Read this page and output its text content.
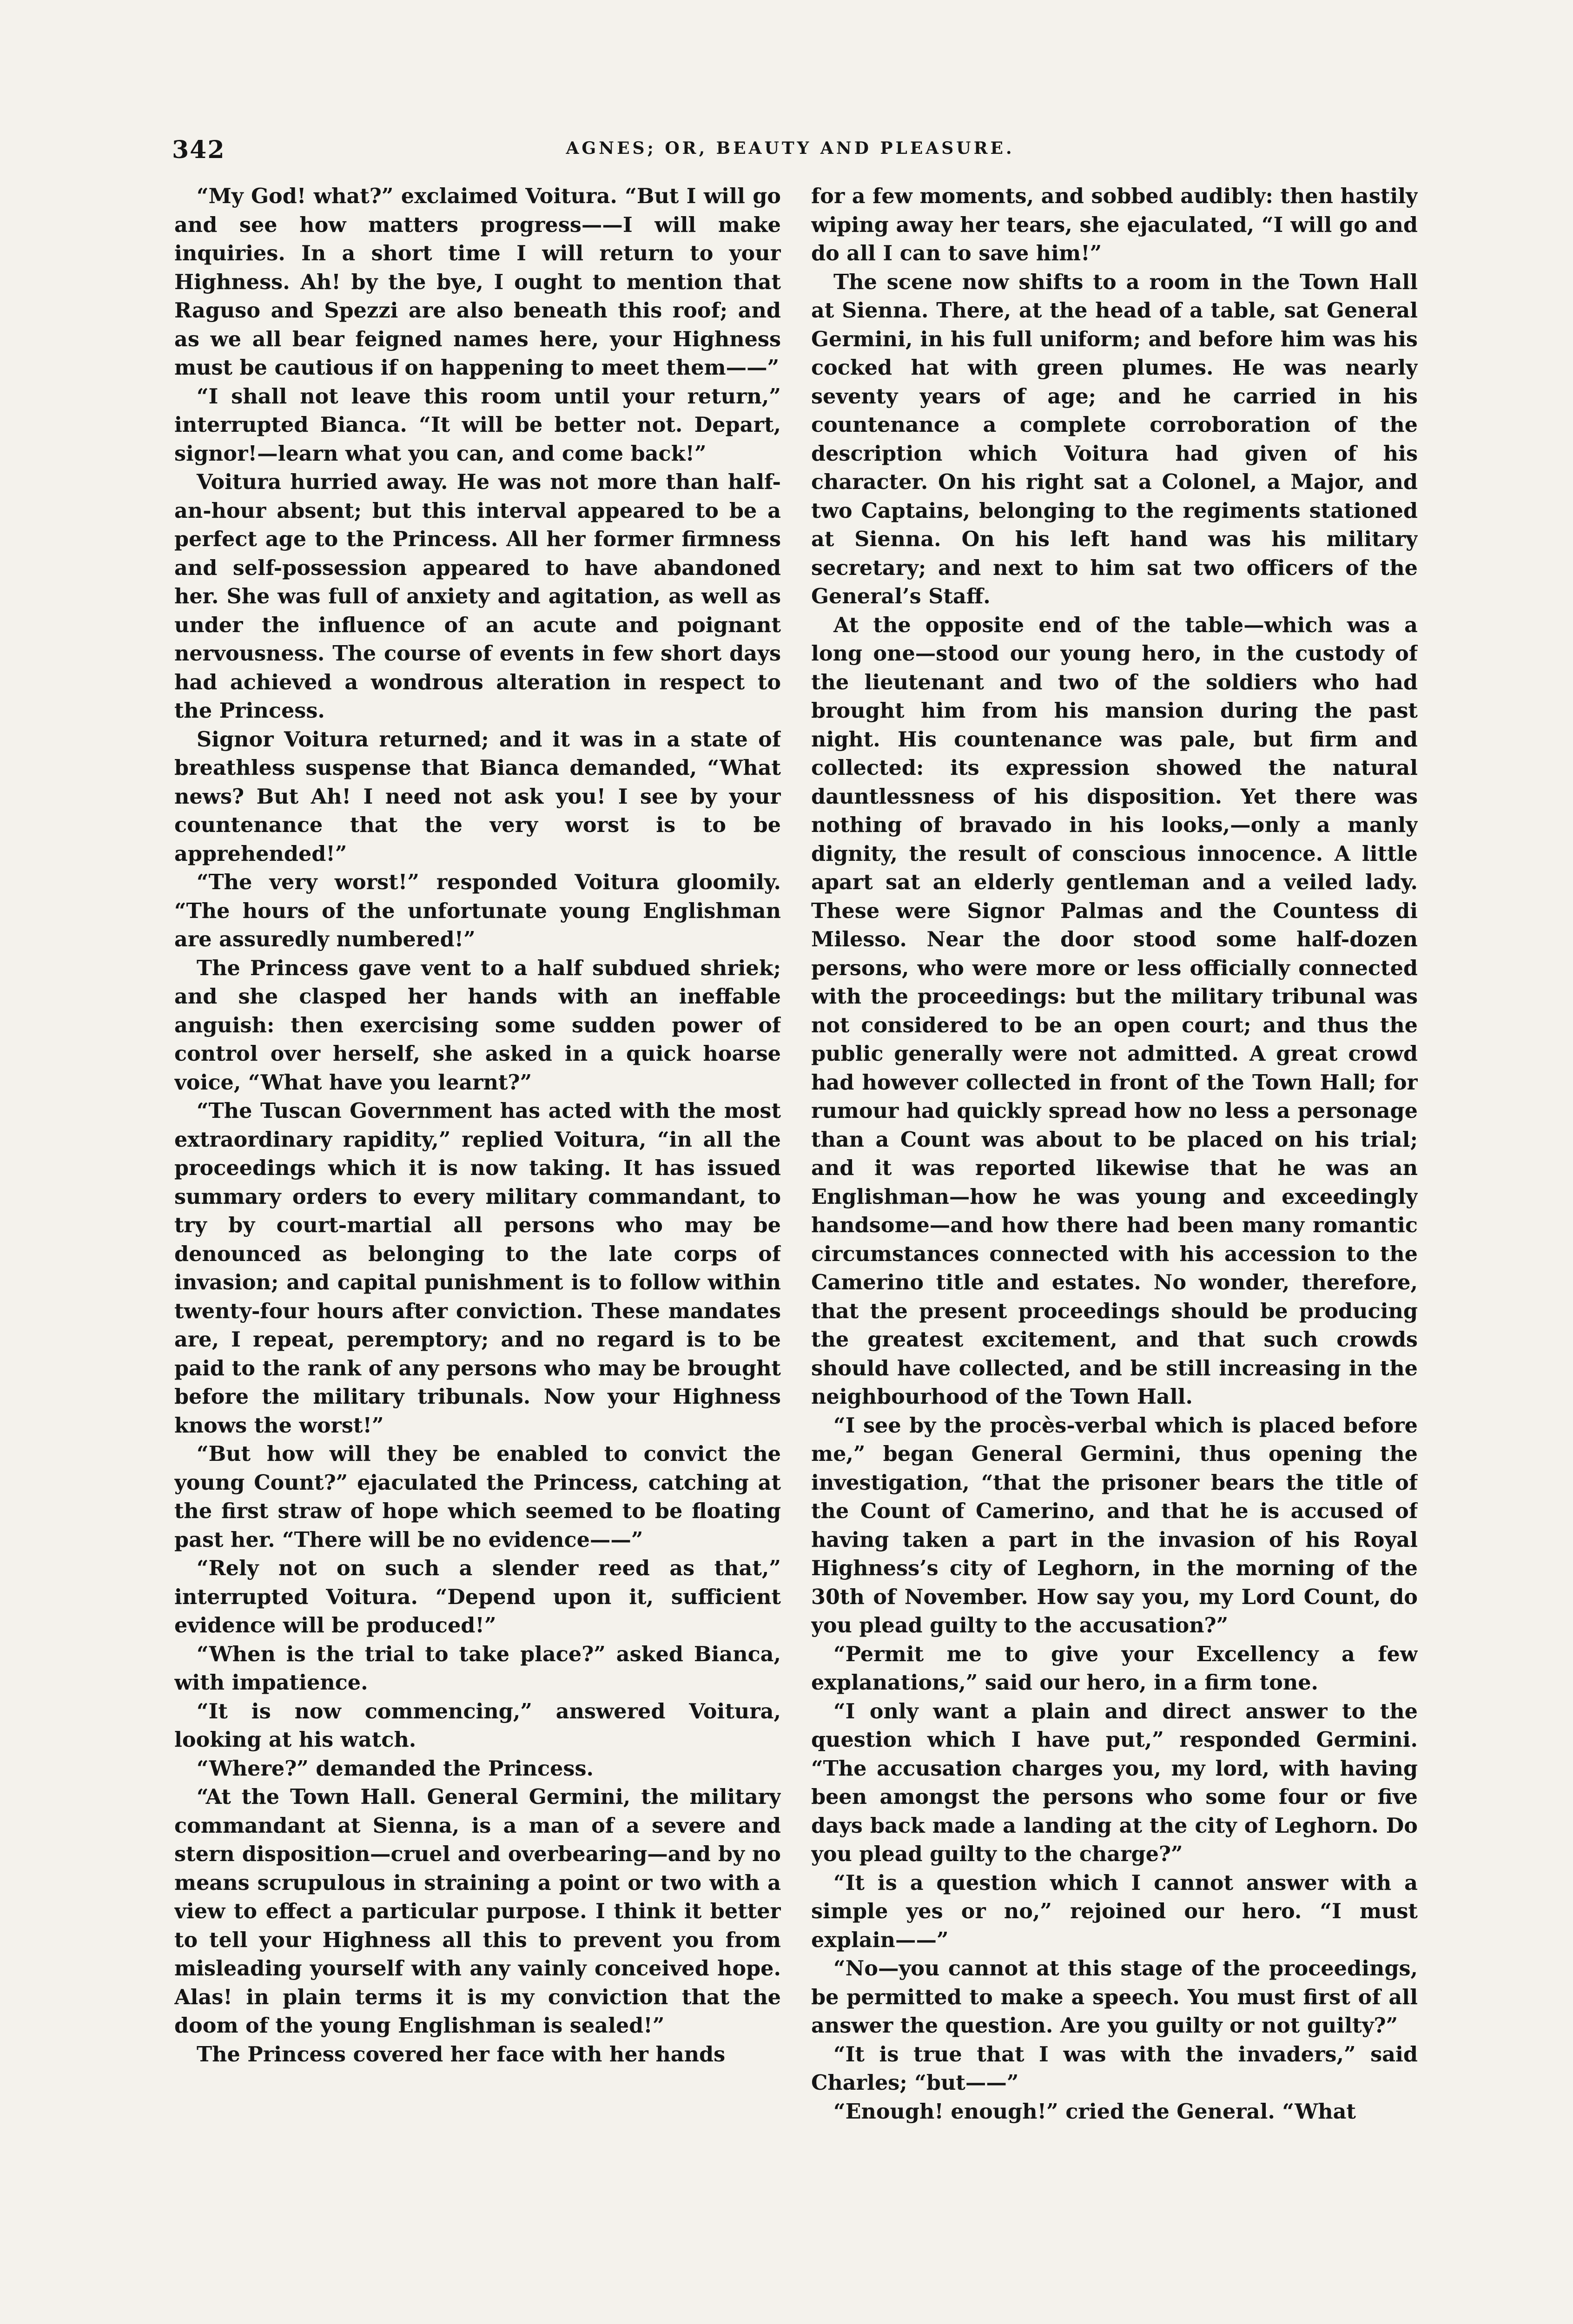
342	AGNES; OR, BEAUTY AND PLEASURE.

“My God! what?” exclaimed Voitura. “But I will go and see how matters progress——I will make inquiries. In a short time I will return to your Highness. Ah! by the bye, I ought to mention that Raguso and Spezzi are also beneath this roof; and as we all bear feigned names here, your Highness must be cautious if on happening to meet them——”

“I shall not leave this room until your return,” interrupted Bianca. “It will be better not. Depart, signor!—learn what you can, and come back!”

Voitura hurried away. He was not more than half-an-hour absent; but this interval appeared to be a perfect age to the Princess. All her former firmness and self-possession appeared to have abandoned her. She was full of anxiety and agitation, as well as under the influence of an acute and poignant nervousness. The course of events in few short days had achieved a wondrous alteration in respect to the Princess.

Signor Voitura returned; and it was in a state of breathless suspense that Bianca demanded, “What news? But Ah! I need not ask you! I see by your countenance that the very worst is to be apprehended!”

“The very worst!” responded Voitura gloomily. “The hours of the unfortunate young Englishman are assuredly numbered!”

The Princess gave vent to a half subdued shriek; and she clasped her hands with an ineffable anguish: then exercising some sudden power of control over herself, she asked in a quick hoarse voice, “What have you learnt?”

“The Tuscan Government has acted with the most extraordinary rapidity,” replied Voitura, “in all the proceedings which it is now taking. It has issued summary orders to every military commandant, to try by court-martial all persons who may be denounced as belonging to the late corps of invasion; and capital punishment is to follow within twenty-four hours after conviction. These mandates are, I repeat, peremptory; and no regard is to be paid to the rank of any persons who may be brought before the military tribunals. Now your Highness knows the worst!”

“But how will they be enabled to convict the young Count?” ejaculated the Princess, catching at the first straw of hope which seemed to be floating past her. “There will be no evidence——”

“Rely not on such a slender reed as that,” interrupted Voitura. “Depend upon it, sufficient evidence will be produced!”

“When is the trial to take place?” asked Bianca, with impatience.

“It is now commencing,” answered Voitura, looking at his watch.

“Where?” demanded the Princess.

“At the Town Hall. General Germini, the military commandant at Sienna, is a man of a severe and stern disposition—cruel and overbearing—and by no means scrupulous in straining a point or two with a view to effect a particular purpose. I think it better to tell your Highness all this to prevent you from misleading yourself with any vainly conceived hope. Alas! in plain terms it is my conviction that the doom of the young Englishman is sealed!”

The Princess covered her face with her hands

for a few moments, and sobbed audibly: then hastily wiping away her tears, she ejaculated, “I will go and do all I can to save him!”

The scene now shifts to a room in the Town Hall at Sienna. There, at the head of a table, sat General Germini, in his full uniform; and before him was his cocked hat with green plumes. He was nearly seventy years of age; and he carried in his countenance a complete corroboration of the description which Voitura had given of his character. On his right sat a Colonel, a Major, and two Captains, belonging to the regiments stationed at Sienna. On his left hand was his military secretary; and next to him sat two officers of the General’s Staff.

At the opposite end of the table—which was a long one—stood our young hero, in the custody of the lieutenant and two of the soldiers who had brought him from his mansion during the past night. His countenance was pale, but firm and collected: its expression showed the natural dauntlessness of his disposition. Yet there was nothing of bravado in his looks,—only a manly dignity, the result of conscious innocence. A little apart sat an elderly gentleman and a veiled lady. These were Signor Palmas and the Countess di Milesso. Near the door stood some half-dozen persons, who were more or less officially connected with the proceedings: but the military tribunal was not considered to be an open court; and thus the public generally were not admitted. A great crowd had however collected in front of the Town Hall; for rumour had quickly spread how no less a personage than a Count was about to be placed on his trial; and it was reported likewise that he was an Englishman—how he was young and exceedingly handsome—and how there had been many romantic circumstances connected with his accession to the Camerino title and estates. No wonder, therefore, that the present proceedings should be producing the greatest excitement, and that such crowds should have collected, and be still increasing in the neighbourhood of the Town Hall.

“I see by the procès-verbal which is placed before me,” began General Germini, thus opening the investigation, “that the prisoner bears the title of the Count of Camerino, and that he is accused of having taken a part in the invasion of his Royal Highness’s city of Leghorn, in the morning of the 30th of November. How say you, my Lord Count, do you plead guilty to the accusation?”

“Permit me to give your Excellency a few explanations,” said our hero, in a firm tone.

“I only want a plain and direct answer to the question which I have put,” responded Germini. “The accusation charges you, my lord, with having been amongst the persons who some four or five days back made a landing at the city of Leghorn. Do you plead guilty to the charge?”

“It is a question which I cannot answer with a simple yes or no,” rejoined our hero. “I must explain——”

“No—you cannot at this stage of the proceedings, be permitted to make a speech. You must first of all answer the question. Are you guilty or not guilty?”

“It is true that I was with the invaders,” said Charles; “but——”

“Enough! enough!” cried the General. “What
